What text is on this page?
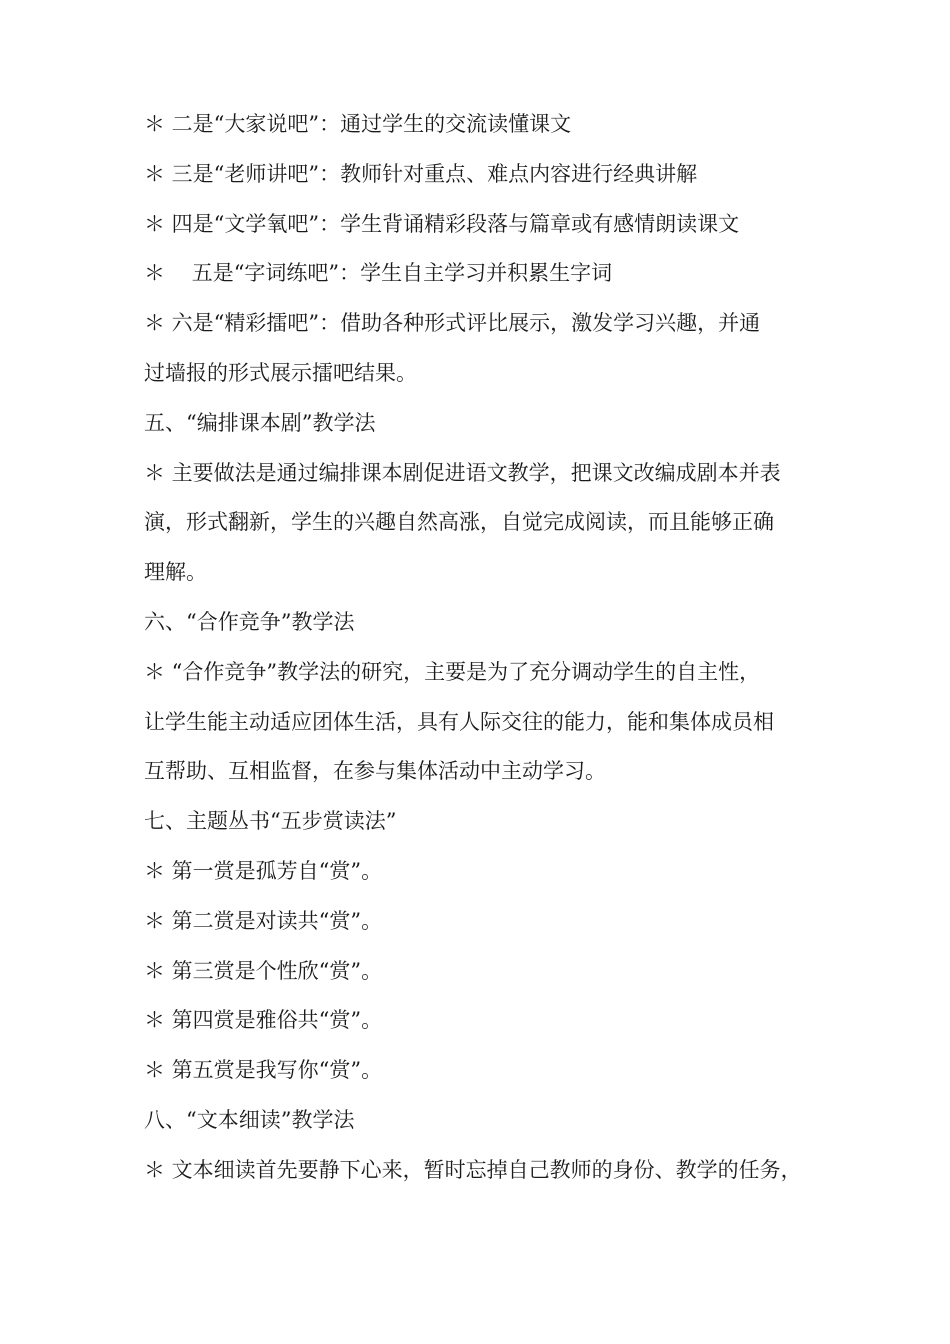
＊ 二是“大家说吧”：通过学生的交流读懂课文
＊ 三是“老师讲吧”：教师针对重点、难点内容进行经典讲解
＊ 四是“文学氧吧”：学生背诵精彩段落与篇章或有感情朗读课文
＊    五是“字词练吧”：学生自主学习并积累生字词
＊ 六是“精彩擂吧”：借助各种形式评比展示，激发学习兴趣，并通
过墙报的形式展示擂吧结果。
五、“编排课本剧”教学法
＊ 主要做法是通过编排课本剧促进语文教学，把课文改编成剧本并表
演，形式翻新，学生的兴趣自然高涨，自觉完成阅读，而且能够正确
理解。
六、“合作竞争”教学法
＊ “合作竞争”教学法的研究，主要是为了充分调动学生的自主性，
让学生能主动适应团体生活，具有人际交往的能力，能和集体成员相
互帮助、互相监督，在参与集体活动中主动学习。
七、主题丛书“五步赏读法”
＊ 第一赏是孤芳自“赏”。
＊ 第二赏是对读共“赏”。
＊ 第三赏是个性欣“赏”。
＊ 第四赏是雅俗共“赏”。
＊ 第五赏是我写你“赏”。
八、“文本细读”教学法
＊ 文本细读首先要静下心来，暂时忘掉自己教师的身份、教学的任务，
